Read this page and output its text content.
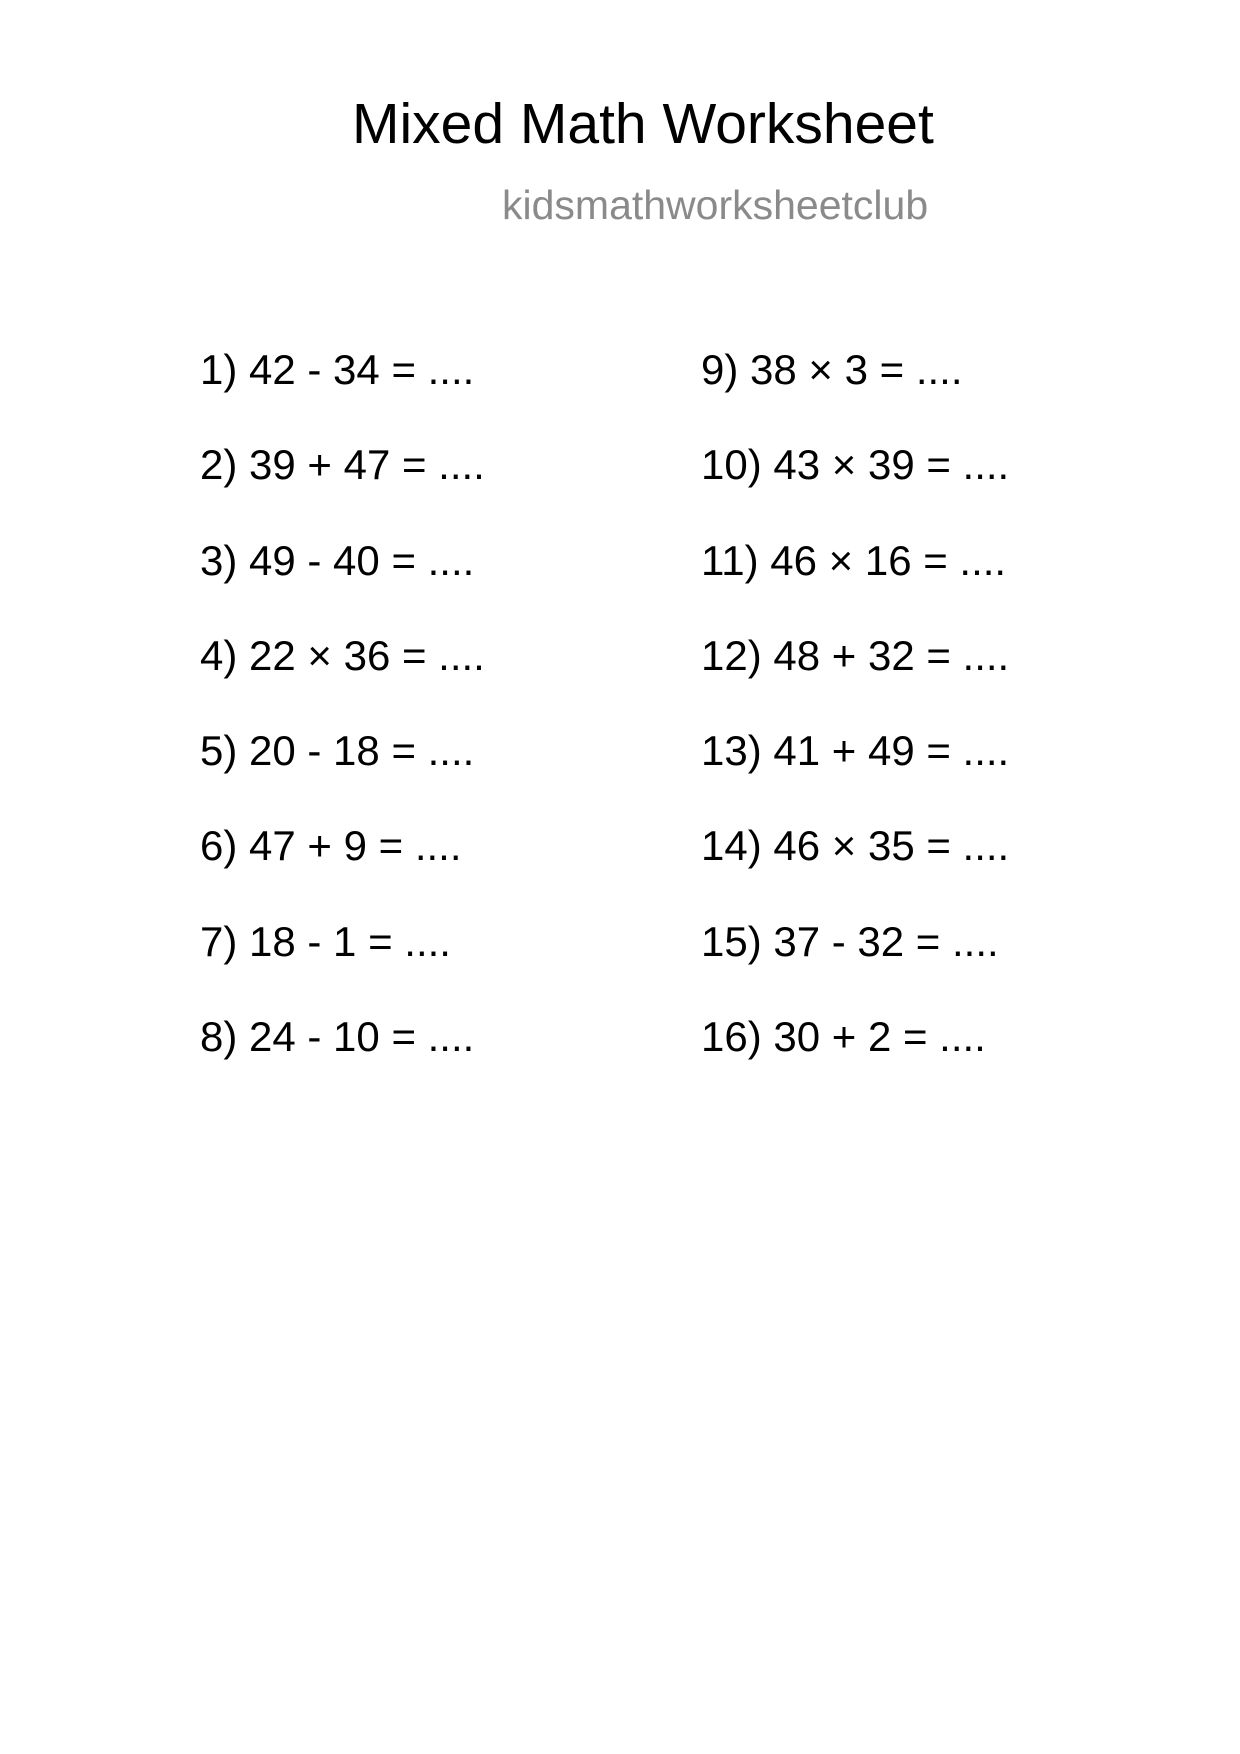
Mixed Math Worksheet
kidsmathworksheetclub
1) 42 - 34 = ....
2) 39 + 47 = ....
3) 49 - 40 = ....
4) 22 × 36 = ....
5) 20 - 18 = ....
6) 47 + 9 = ....
7) 18 - 1 = ....
8) 24 - 10 = ....
9) 38 × 3 = ....
10) 43 × 39 = ....
11) 46 × 16 = ....
12) 48 + 32 = ....
13) 41 + 49 = ....
14) 46 × 35 = ....
15) 37 - 32 = ....
16) 30 + 2 = ....
